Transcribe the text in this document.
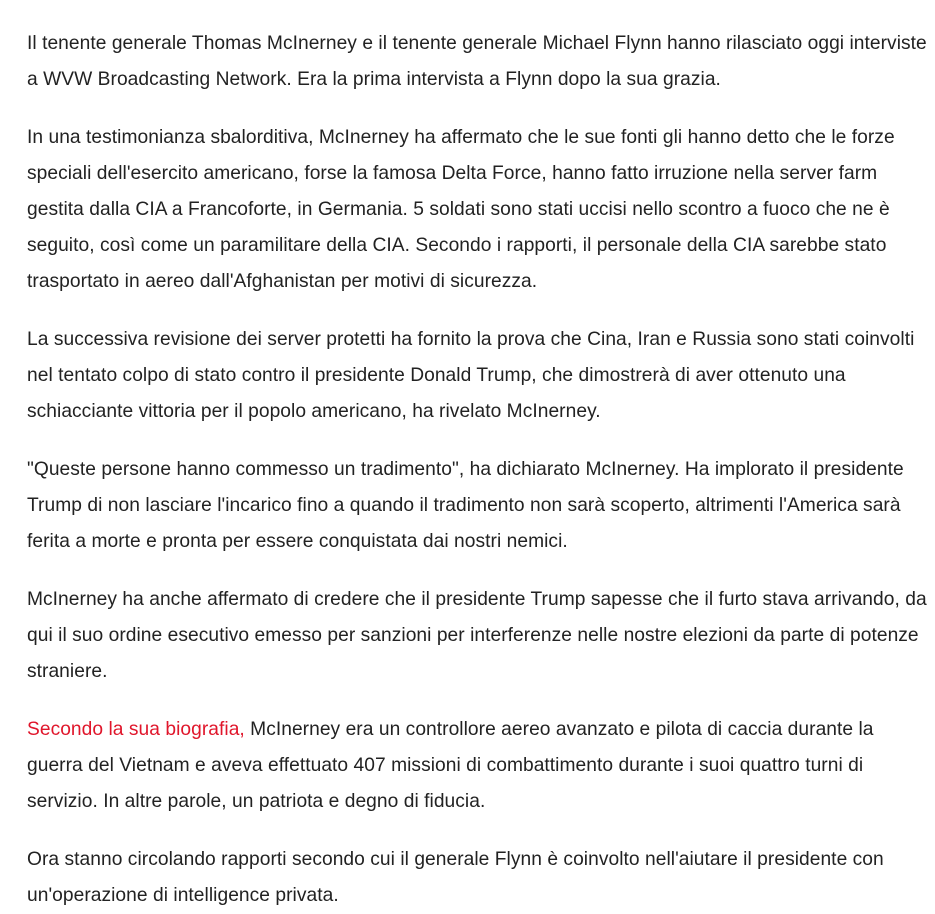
Il tenente generale Thomas McInerney e il tenente generale Michael Flynn hanno rilasciato oggi interviste a WVW Broadcasting Network. Era la prima intervista a Flynn dopo la sua grazia.

In una testimonianza sbalorditiva, McInerney ha affermato che le sue fonti gli hanno detto che le forze speciali dell'esercito americano, forse la famosa Delta Force, hanno fatto irruzione nella server farm gestita dalla CIA a Francoforte, in Germania. 5 soldati sono stati uccisi nello scontro a fuoco che ne è seguito, così come un paramilitare della CIA. Secondo i rapporti, il personale della CIA sarebbe stato trasportato in aereo dall'Afghanistan per motivi di sicurezza.

La successiva revisione dei server protetti ha fornito la prova che Cina, Iran e Russia sono stati coinvolti nel tentato colpo di stato contro il presidente Donald Trump, che dimostrerà di aver ottenuto una schiacciante vittoria per il popolo americano, ha rivelato McInerney.

"Queste persone hanno commesso un tradimento", ha dichiarato McInerney. Ha implorato il presidente Trump di non lasciare l'incarico fino a quando il tradimento non sarà scoperto, altrimenti l'America sarà ferita a morte e pronta per essere conquistata dai nostri nemici.

McInerney ha anche affermato di credere che il presidente Trump sapesse che il furto stava arrivando, da qui il suo ordine esecutivo emesso per sanzioni per interferenze nelle nostre elezioni da parte di potenze straniere.

Secondo la sua biografia, McInerney era un controllore aereo avanzato e pilota di caccia durante la guerra del Vietnam e aveva effettuato 407 missioni di combattimento durante i suoi quattro turni di servizio. In altre parole, un patriota e degno di fiducia.

Ora stanno circolando rapporti secondo cui il generale Flynn è coinvolto nell'aiutare il presidente con un'operazione di intelligence privata.
